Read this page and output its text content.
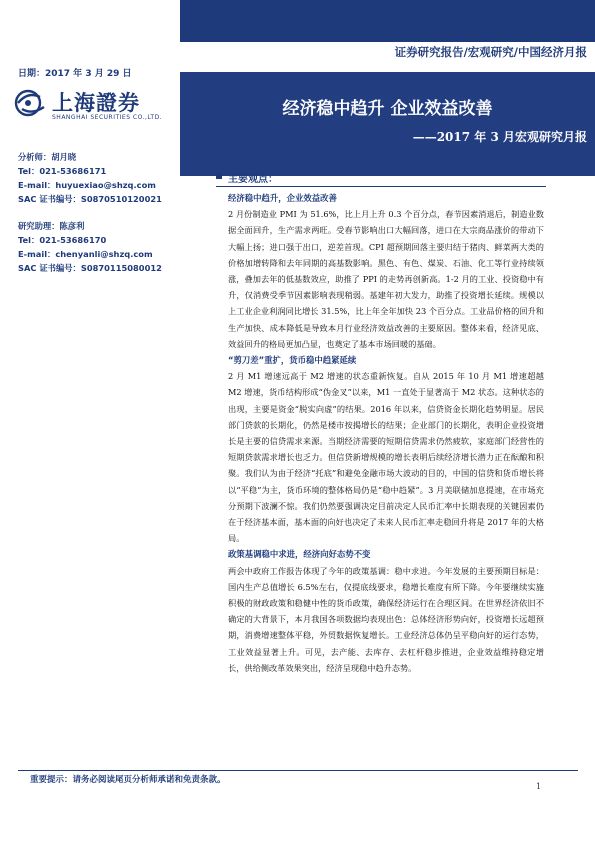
证券研究报告/宏观研究/中国经济月报
日期：2017 年 3 月 29 日
上海證券
SHANGHAI SECURITIES CO.,LTD.	经济稳中趋升 企业效益改善
——2017 年 3 月宏观研究月报
分析师：胡月晓
Tel：021-53686171
E-mail：huyuexiao@shzq.com
SAC 证书编号：S0870510120021
研究助理：陈彦利
Tel：021-53686170
E-mail：chenyanli@shzq.com
SAC 证书编号：S0870115080012
主要观点：
经济稳中趋升，企业效益改善
2 月份制造业 PMI 为 51.6%，比上月上升 0.3 个百分点，春节因素消退后，制造业数据全面回升，生产需求两旺。受春节影响出口大幅回落，进口在大宗商品涨价的带动下大幅上扬；进口强于出口，逆差首现。CPI 超预期回落主要归结于猪肉、鲜菜两大类的价格加增转降和去年同期的高基数影响。黑色、有色、煤炭、石油、化工等行业持续领涨，叠加去年的低基数效应，助推了 PPI 的走势再创新高。1-2 月的工业、投资稳中有升，仅消费受季节因素影响表现稍弱。基建年初大发力，助推了投资增长延续。规模以上工业企业利润同比增长 31.5%，比上年全年加快 23 个百分点。工业品价格的回升和生产加快、成本降低是导致本月行业经济效益改善的主要原因。整体来看，经济见底、效益回升的格局更加凸显，也奠定了基本市场回暖的基础。
“剪刀差”重扩，货币稳中趋紧延续
2 月 M1 增速远高于 M2 增速的状态重新恢复。自从 2015 年 10 月 M1 增速超越 M2 增速，货币结构形成“伪金叉”以来，M1 一直处于显著高于 M2 状态。这种状态的出现，主要是资金“脱实向虚”的结果。2016 年以来，信贷资金长期化趋势明显。居民部门贷款的长期化，仍然是楼市按揭增长的结果；企业部门的长期化，表明企业投资增长是主要的信贷需求来源。当期经济需要的短期信贷需求仍然疲软，家庭部门经营性的短期贷款需求增长也乏力。但信贷新增规模的增长表明后续经济增长潜力正在酝酿和积聚。我们认为由于经济“托底”和避免金融市场大波动的目的，中国的信贷和货币增长将以“平稳”为主，货币环境的整体格局仍是“稳中趋紧”。3 月美联储加息提速，在市场充分预期下波澜不惊。我们仍然要强调决定目前决定人民币汇率中长期表现的关键因素仍在于经济基本面，基本面的向好也决定了未来人民币汇率走稳回升将是 2017 年的大格局。
政策基调稳中求进，经济向好态势不变
两会中政府工作报告体现了今年的政策基调：稳中求进。今年发展的主要预期目标是：国内生产总值增长 6.5%左右，仅提底线要求，稳增长难度有所下降。今年要继续实施积极的财政政策和稳健中性的货币政策，确保经济运行在合理区间。在世界经济依旧不确定的大背景下，本月我国各项数据均表现出色：总体经济形势向好，投资增长远超预期，消费增速整体平稳，外贸数据恢复增长。工业经济总体仍呈平稳向好的运行态势，工业效益显著上升。可见，去产能、去库存、去杠杆稳步推进，企业效益维持稳定增长，供给侧改革效果突出，经济呈现稳中趋升态势。
重要提示：请务必阅读尾页分析师承诺和免责条款。
1
